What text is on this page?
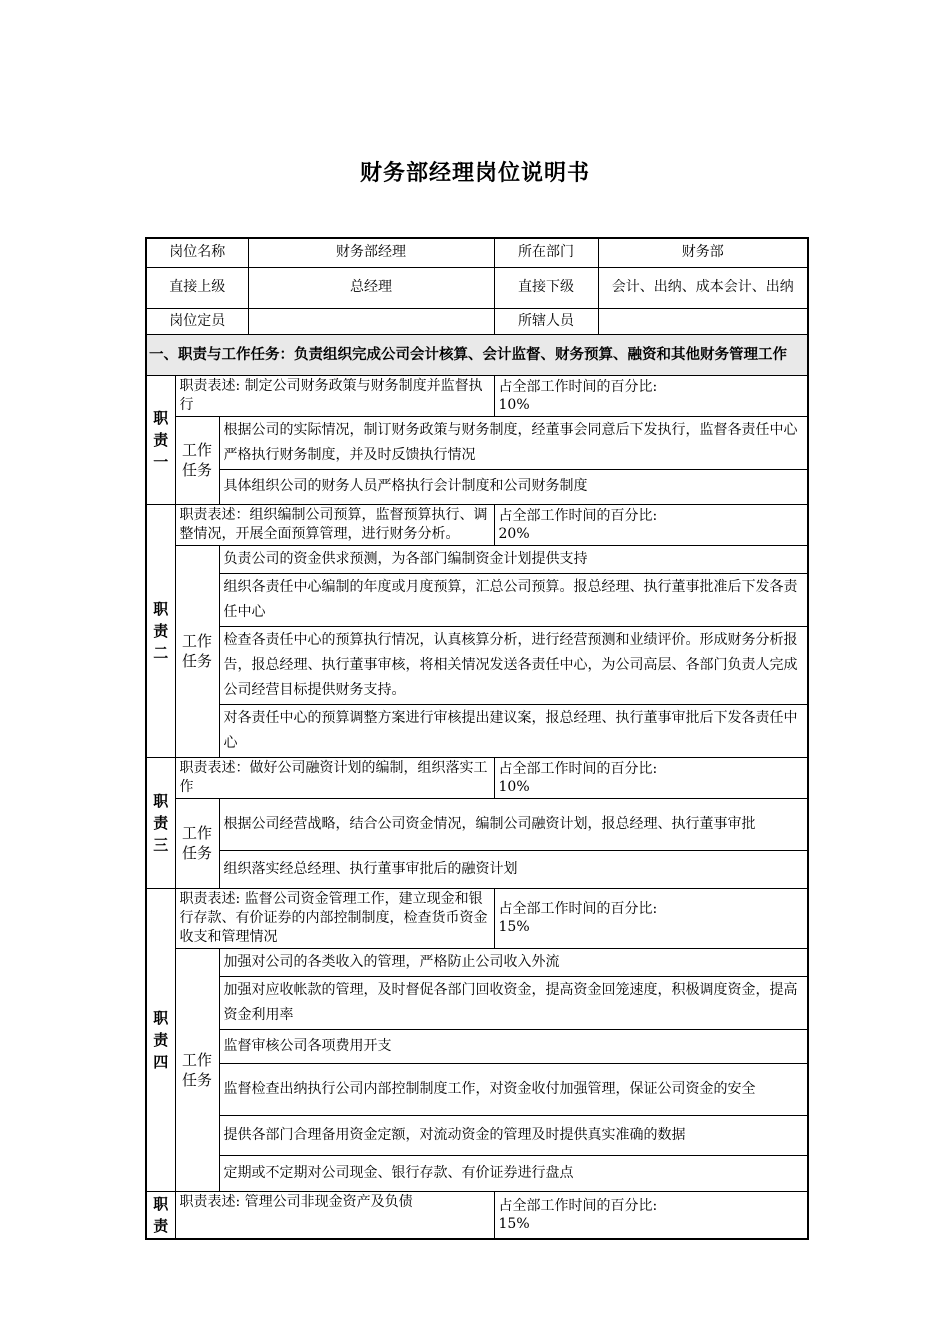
财务部经理岗位说明书
岗位名称			财务部经理	所在部门	财务部
直接上级			总经理	直接下级	会计、出纳、成本会计、出纳
岗位定员				所辖人员	
一、职责与工作任务：负责组织完成公司会计核算、会计监督、财务预算、融资和其他财务管理工作					

职
责
一	职责表述: 制定公司财务政策与财务制度并监督执行			占全部工作时间的百分比:
10%	

	工作
任务	根据公司的实际情况，制订财务政策与财务制度，经董事会同意后下发执行，监督各责任中心严格执行财务制度，并及时反馈执行情况			
		具体组织公司的财务人员严格执行会计制度和公司财务制度			

职
责
二	职责表述：组织编制公司预算，监督预算执行、调整情况，开展全面预算管理，进行财务分析。			占全部工作时间的百分比:
20%	

	工作
任务	负责公司的资金供求预测，为各部门编制资金计划提供支持			
		组织各责任中心编制的年度或月度预算，汇总公司预算。报总经理、执行董事批准后下发各责任中心			
		检查各责任中心的预算执行情况，认真核算分析，进行经营预测和业绩评价。形成财务分析报告，报总经理、执行董事审核，将相关情况发送各责任中心，为公司高层、各部门负责人完成公司经营目标提供财务支持。			
		对各责任中心的预算调整方案进行审核提出建议案，报总经理、执行董事审批后下发各责任中心			

职
责
三	职责表述：做好公司融资计划的编制，组织落实工作			占全部工作时间的百分比:
10%	

	工作
任务	根据公司经营战略，结合公司资金情况，编制公司融资计划，报总经理、执行董事审批			
		组织落实经总经理、执行董事审批后的融资计划			

职
责
四	职责表述: 监督公司资金管理工作，建立现金和银行存款、有价证券的内部控制制度，检查货币资金收支和管理情况			占全部工作时间的百分比:
15%	

	工作
任务	加强对公司的各类收入的管理，严格防止公司收入外流			
		加强对应收帐款的管理，及时督促各部门回收资金，提高资金回笼速度，积极调度资金，提高资金利用率			
		监督审核公司各项费用开支			
		监督检查出纳执行公司内部控制制度工作，对资金收付加强管理，保证公司资金的安全			
		提供各部门合理备用资金定额，对流动资金的管理及时提供真实准确的数据			
		定期或不定期对公司现金、银行存款、有价证券进行盘点			

职
责	职责表述: 管理公司非现金资产及负债			占全部工作时间的百分比:
15%	
